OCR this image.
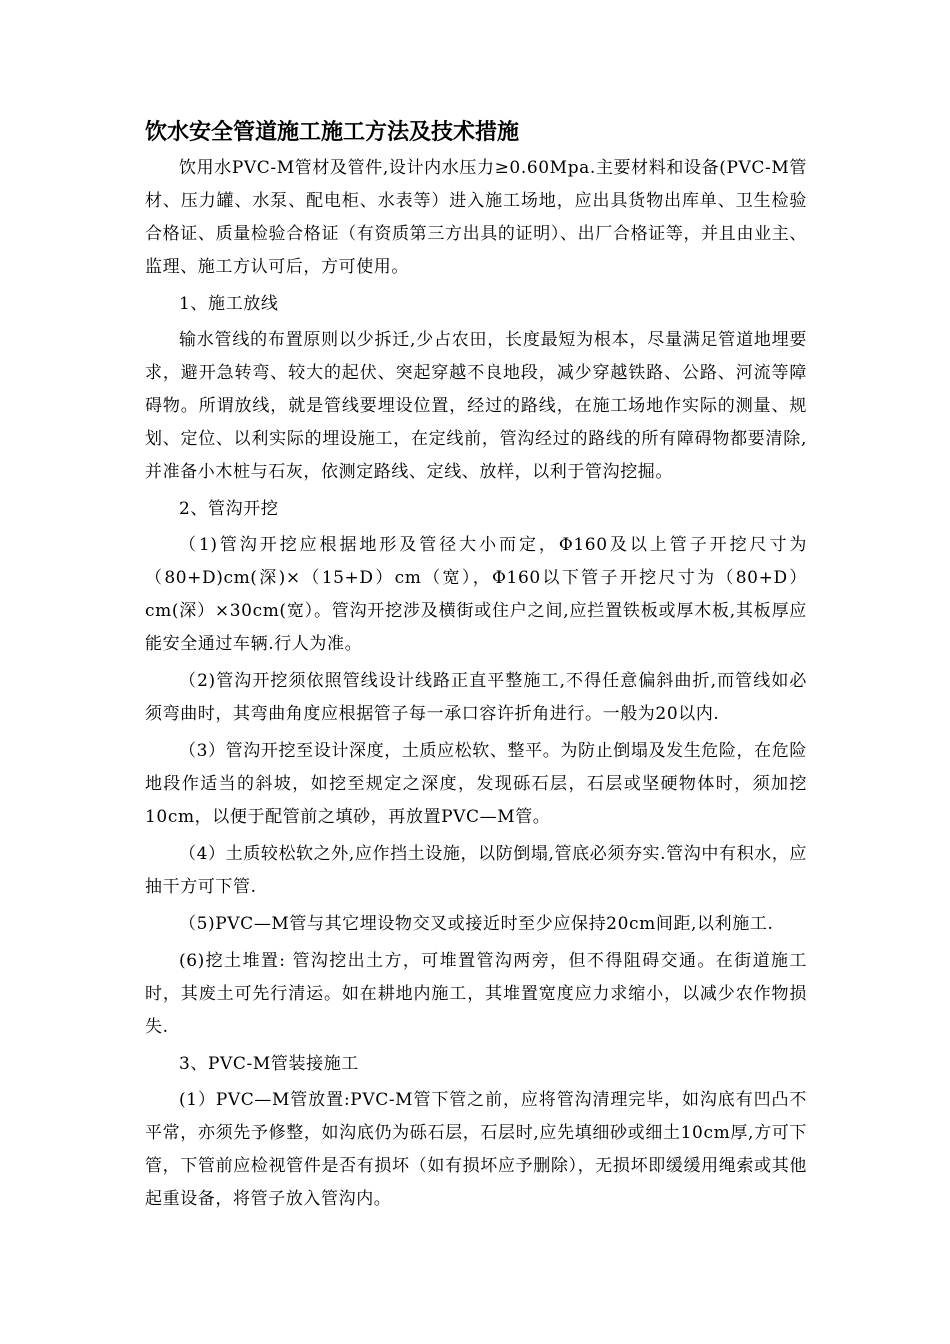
饮水安全管道施工施工方法及技术措施

饮用水PVC-M管材及管件,设计内水压力≥0.60Mpa.主要材料和设备(PVC-M管材、压力罐、水泵、配电柜、水表等）进入施工场地，应出具货物出库单、卫生检验合格证、质量检验合格证（有资质第三方出具的证明）、出厂合格证等，并且由业主、监理、施工方认可后，方可使用。

1、施工放线

输水管线的布置原则以少拆迁,少占农田，长度最短为根本，尽量满足管道地埋要求，避开急转弯、较大的起伏、突起穿越不良地段，减少穿越铁路、公路、河流等障碍物。所谓放线，就是管线要埋设位置，经过的路线，在施工场地作实际的测量、规划、定位、以利实际的埋设施工，在定线前，管沟经过的路线的所有障碍物都要清除,并准备小木桩与石灰，依测定路线、定线、放样，以利于管沟挖掘。

2、管沟开挖

（1)管沟开挖应根据地形及管径大小而定，Φ160及以上管子开挖尺寸为（80+D)cm(深)×（15+D）cm（宽），Φ160以下管子开挖尺寸为（80+D）cm(深）×30cm(宽）。管沟开挖涉及横街或住户之间,应拦置铁板或厚木板,其板厚应能安全通过车辆.行人为准。

（2)管沟开挖须依照管线设计线路正直平整施工,不得任意偏斜曲折,而管线如必须弯曲时，其弯曲角度应根据管子每一承口容许折角进行。一般为20以内.

（3）管沟开挖至设计深度，土质应松软、整平。为防止倒塌及发生危险，在危险地段作适当的斜坡，如挖至规定之深度，发现砾石层，石层或坚硬物体时，须加挖10cm，以便于配管前之填砂，再放置PVC—M管。

（4）土质较松软之外,应作挡土设施，以防倒塌,管底必须夯实.管沟中有积水，应抽干方可下管.

（5)PVC—M管与其它埋设物交叉或接近时至少应保持20cm间距,以利施工.

(6)挖土堆置: 管沟挖出土方，可堆置管沟两旁，但不得阻碍交通。在街道施工时，其废土可先行清运。如在耕地内施工，其堆置宽度应力求缩小，以减少农作物损失.

3、PVC-M管装接施工

(1）PVC—M管放置:PVC-M管下管之前，应将管沟清理完毕，如沟底有凹凸不平常，亦须先予修整，如沟底仍为砾石层，石层时,应先填细砂或细土10cm厚,方可下管，下管前应检视管件是否有损坏（如有损坏应予删除），无损坏即缓缓用绳索或其他起重设备，将管子放入管沟内。
